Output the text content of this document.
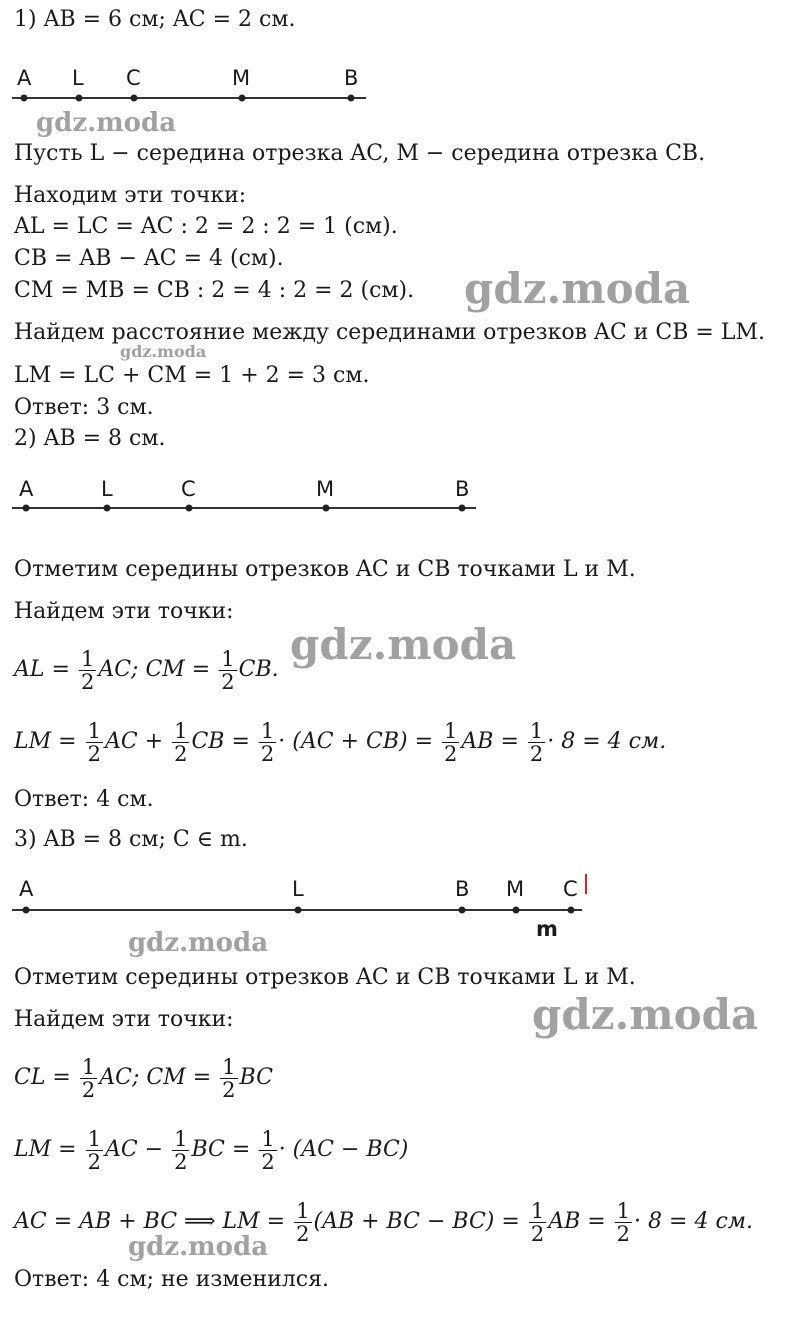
1) AB = 6 см; AC = 2 см.
A L C	M	B
gdz.moda
Пусть L − середина отрезка AC, M − середина отрезка CB.
Находим эти точки:
AL = LC = AC : 2 = 2 : 2 = 1 (см).
CB = AB − AC = 4 (см).
CM = MB = CB : 2 = 4 : 2 = 2 (см). gdz.moda
Найдем расстояние между серединами отрезков AC и CB = LM.
gdz.moda
LM = LC + CM = 1 + 2 = 3 см.
Ответ: 3 см.
2) AB = 8 см.
A	L	C	M	B
Отметим середины отрезков AC и CB точками L и M.
Найдем эти точки:
AL = $\frac{1}{2}$ AC; CM = $\frac{1}{2}$ CB.
gdz.moda
LM = $\frac{1}{2}$ AC + $\frac{1}{2}$ CB = $\frac{1}{2} \cdot (AC + CB) = \frac{1}{2}$ AB = $\frac{1}{2} \cdot 8 = 4$ см.
Ответ: 4 см.
3) AB = 8 см; C ∈ m.
A	L	B M C
m
gdz.moda
Отметим середины отрезков AC и CB точками L и M.
gdz.moda
Найдем эти точки:
CL = $\frac{1}{2}$ AC; CM = $\frac{1}{2}$ BC
LM = $\frac{1}{2}$ AC − $\frac{1}{2}$ BC = $\frac{1}{2} \cdot (AC - BC)$
AC = AB + BC ⟹ LM = $\frac{1}{2} (AB$ + BC − $BC) = \frac{1}{2}$ AB = $\frac{1}{2} \cdot 8 = 4$ см.
gdz.moda
Ответ: 4 см; не изменился.
